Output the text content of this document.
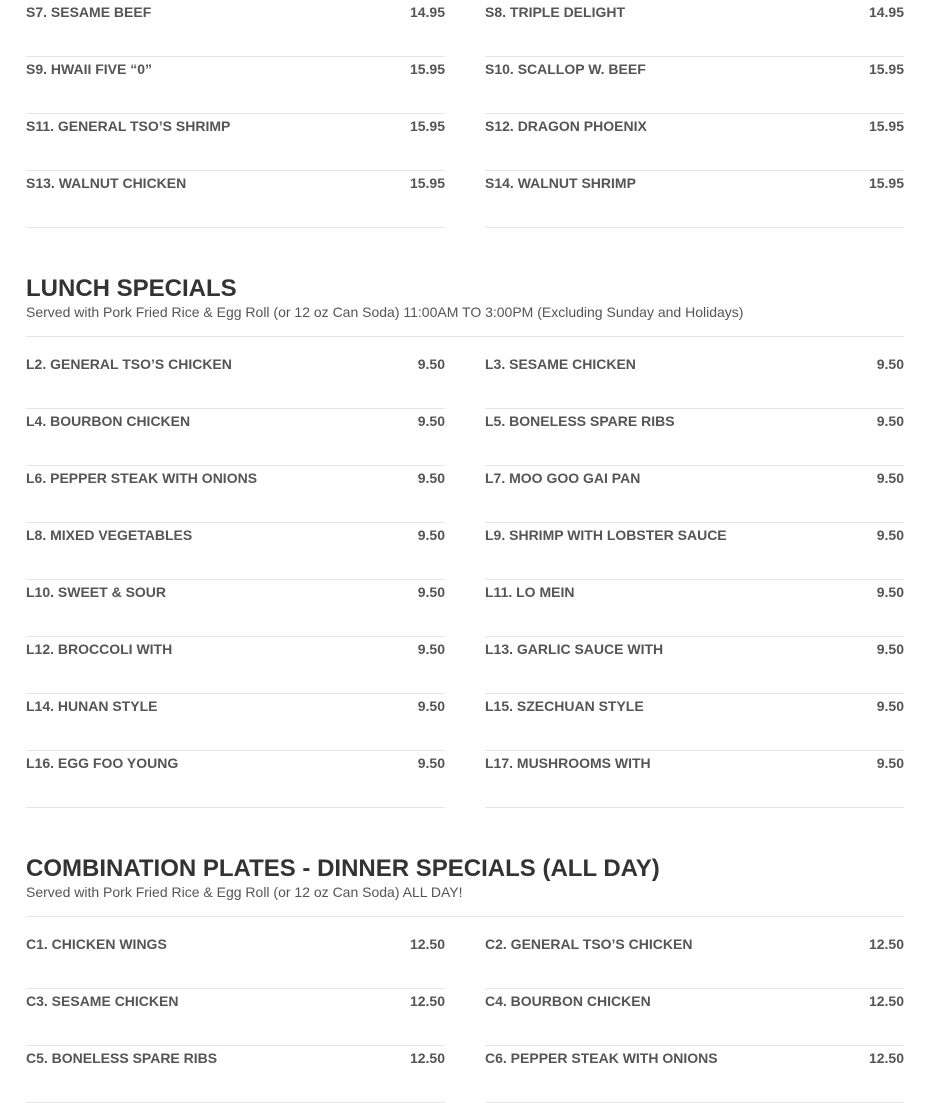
S7. SESAME BEEF	14.95
S9. HWAII FIVE “0”	15.95
S11. GENERAL TSO’S SHRIMP	15.95
S13. WALNUT CHICKEN	15.95
S8. TRIPLE DELIGHT	14.95
S10. SCALLOP W. BEEF	15.95
S12. DRAGON PHOENIX	15.95
S14. WALNUT SHRIMP	15.95
LUNCH SPECIALS
Served with Pork Fried Rice & Egg Roll (or 12 oz Can Soda) 11:00AM TO 3:00PM (Excluding Sunday and Holidays)
L2. GENERAL TSO’S CHICKEN	9.50
L4. BOURBON CHICKEN	9.50
L6. PEPPER STEAK WITH ONIONS	9.50
L8. MIXED VEGETABLES	9.50
L10. SWEET & SOUR	9.50
L12. BROCCOLI WITH	9.50
L14. HUNAN STYLE	9.50
L16. EGG FOO YOUNG	9.50
L3. SESAME CHICKEN	9.50
L5. BONELESS SPARE RIBS	9.50
L7. MOO GOO GAI PAN	9.50
L9. SHRIMP WITH LOBSTER SAUCE	9.50
L11. LO MEIN	9.50
L13. GARLIC SAUCE WITH	9.50
L15. SZECHUAN STYLE	9.50
L17. MUSHROOMS WITH	9.50
COMBINATION PLATES - DINNER SPECIALS (ALL DAY)
Served with Pork Fried Rice & Egg Roll (or 12 oz Can Soda) ALL DAY!
C1. CHICKEN WINGS	12.50
C3. SESAME CHICKEN	12.50
C5. BONELESS SPARE RIBS	12.50
C2. GENERAL TSO’S CHICKEN	12.50
C4. BOURBON CHICKEN	12.50
C6. PEPPER STEAK WITH ONIONS	12.50
